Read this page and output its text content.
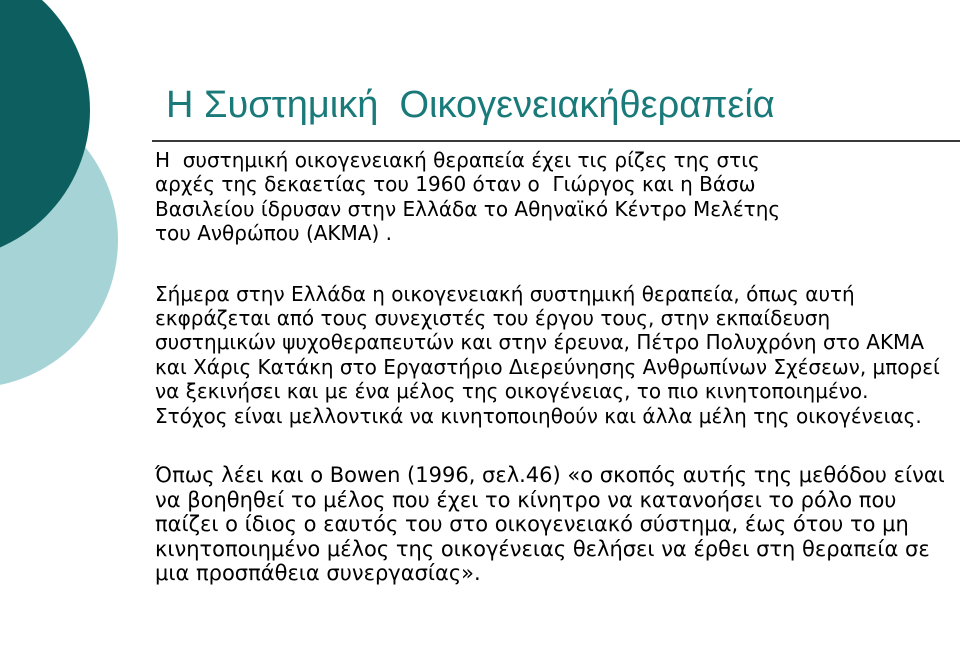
Η Συστημική  Οικογενειακήθεραπεία

Η  συστημική οικογενειακή θεραπεία έχει τις ρίζες της στις
αρχές της δεκαετίας του 1960 όταν ο  Γιώργος και η Βάσω
Βασιλείου ίδρυσαν στην Ελλάδα το Αθηναϊκό Κέντρο Μελέτης
του Ανθρώπου (ΑΚΜΑ) .

Σήμερα στην Ελλάδα η οικογενειακή συστημική θεραπεία, όπως αυτή εκφράζεται από τους συνεχιστές του έργου τους, στην εκπαίδευση συστημικών ψυχοθεραπευτών και στην έρευνα, Πέτρο Πολυχρόνη στο ΑΚΜΑ και Χάρις Κατάκη στο Εργαστήριο Διερεύνησης Ανθρωπίνων Σχέσεων, μπορεί να ξεκινήσει και με ένα μέλος της οικογένειας, το πιο κινητοποιημένο. Στόχος είναι μελλοντικά να κινητοποιηθούν και άλλα μέλη της οικογένειας.

Όπως λέει και ο Bowen (1996, σελ.46) «ο σκοπός αυτής της μεθόδου είναι να βοηθηθεί το μέλος που έχει το κίνητρο να κατανοήσει το ρόλο που παίζει ο ίδιος ο εαυτός του στο οικογενειακό σύστημα, έως ότου το μη κινητοποιημένο μέλος της οικογένειας θελήσει να έρθει στη θεραπεία σε μια προσπάθεια συνεργασίας».
